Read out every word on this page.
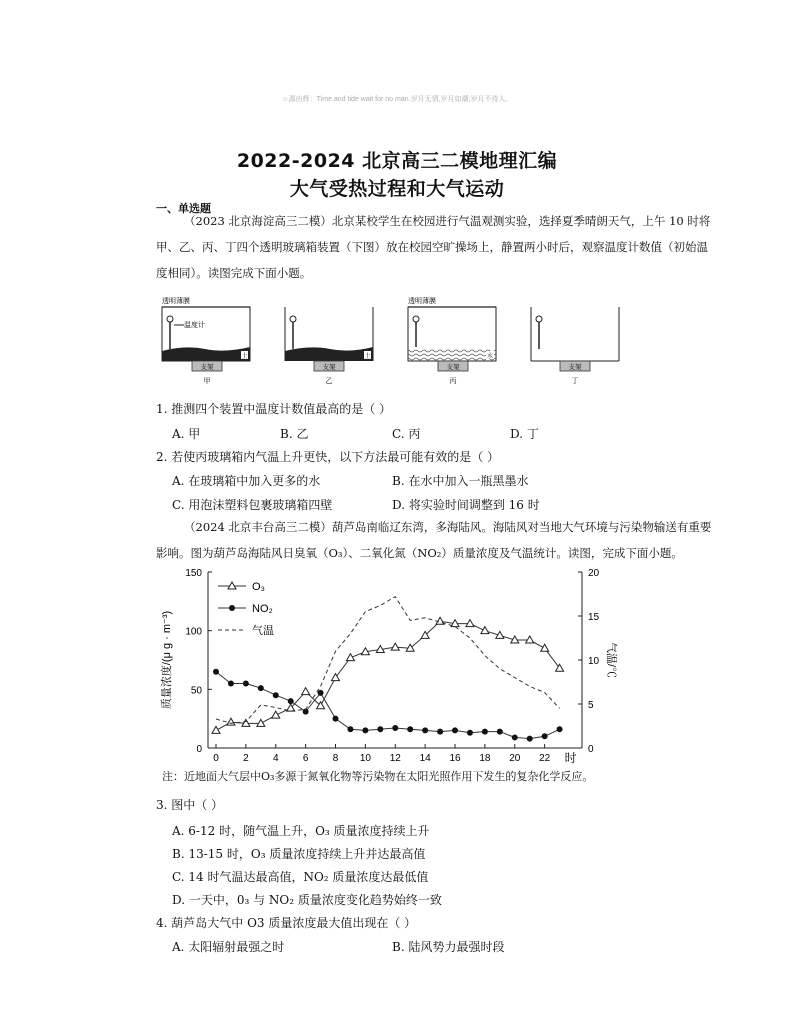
☺源由辉：Time and tide wait for no man.岁月无情,岁月如潮;岁月不待人。
2022-2024 北京高三二模地理汇编
大气受热过程和大气运动
一、单选题
（2023 北京海淀高三二模）北京某校学生在校园进行气温观测实验，选择夏季晴朗天气，上午 10 时将甲、乙、丙、丁四个透明玻璃箱装置（下图）放在校园空旷操场上，静置两小时后，观察温度计数值（初始温度相同）。读图完成下面小题。
土
温度计
透明薄膜
支架
甲
土
支架
乙
水
透明薄膜
支架
丙
支架
丁
1. 推测四个装置中温度计数值最高的是（ ）
A. 甲	B. 乙	C. 丙	D. 丁
2. 若使丙玻璃箱内气温上升更快，以下方法最可能有效的是（ ）
A. 在玻璃箱中加入更多的水	B. 在水中加入一瓶黑墨水
C. 用泡沫塑料包裹玻璃箱四壁	D. 将实验时间调整到 16 时
（2024 北京丰台高三二模）葫芦岛南临辽东湾，多海陆风。海陆风对当地大气环境与污染物输送有重要影响。图为葫芦岛海陆风日臭氧（O₃）、二氧化氮（NO₂）质量浓度及气温统计。读图，完成下面小题。
0
50
100
150
0
5
10
15
20
0 2 4 6 8 10 12 14 16 18 20 22 时
质量浓度/(μ g · m⁻³)	气温/℃
O₃
NO₂
气温
注：近地面大气层中O₃多源于氮氧化物等污染物在太阳光照作用下发生的复杂化学反应。
3. 图中（ ）
A. 6-12 时，随气温上升，O₃ 质量浓度持续上升
B. 13-15 时，O₃ 质量浓度持续上升并达最高值
C. 14 时气温达最高值，NO₂ 质量浓度达最低值
D. 一天中，0₃ 与 NO₂ 质量浓度变化趋势始终一致
4. 葫芦岛大气中 O3 质量浓度最大值出现在（ ）
A. 太阳辐射最强之时	B. 陆风势力最强时段
